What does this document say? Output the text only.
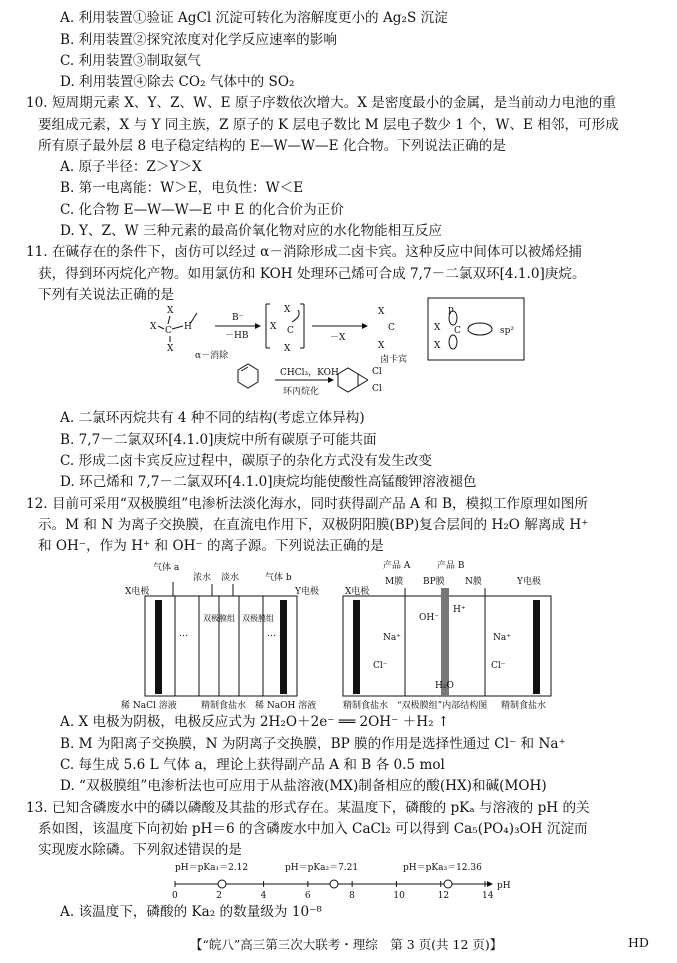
A. 利用装置①验证 AgCl 沉淀可转化为溶解度更小的 Ag₂S 沉淀
B. 利用装置②探究浓度对化学反应速率的影响
C. 利用装置③制取氨气
D. 利用装置④除去 CO₂ 气体中的 SO₂
10. 短周期元素 X、Y、Z、W、E 原子序数依次增大。X 是密度最小的金属，是当前动力电池的重
要组成元素，X 与 Y 同主族，Z 原子的 K 层电子数比 M 层电子数少 1 个，W、E 相邻，可形成
所有原子最外层 8 电子稳定结构的 E—W—W—E 化合物。下列说法正确的是
A. 原子半径：Z＞Y＞X
B. 第一电离能：W＞E，电负性：W＜E
C. 化合物 E—W—W—E 中 E 的化合价为正价
D. Y、Z、W 三种元素的最高价氧化物对应的水化物能相互反应
11. 在碱存在的条件下，卤仿可以经过 α－消除形成二卤卡宾。这种反应中间体可以被烯烃捕
获，得到环丙烷化产物。如用氯仿和 KOH 处理环己烯可合成 7,7－二氯双环[4.1.0]庚烷。
下列有关说法正确的是
X
X C
X
H
B⁻
－HB
α－消除
X
X C
X
－X
X
C
X
卤卡宾
p
X C
X
sp²
CHCl₃，KOH
环丙烷化
Cl
Cl
A. 二氯环丙烷共有 4 种不同的结构(考虑立体异构)
B. 7,7－二氯双环[4.1.0]庚烷中所有碳原子可能共面
C. 形成二卤卡宾反应过程中，碳原子的杂化方式没有发生改变
D. 环己烯和 7,7－二氯双环[4.1.0]庚烷均能使酸性高锰酸钾溶液褪色
12. 目前可采用“双极膜组”电渗析法淡化海水，同时获得副产品 A 和 B，模拟工作原理如图所
示。M 和 N 为离子交换膜，在直流电作用下，双极阴阳膜(BP)复合层间的 H₂O 解离成 H⁺
和 OH⁻，作为 H⁺ 和 OH⁻ 的离子源。下列说法正确的是
气体 a
浓水 淡水	气体 b
X电极	Y电极
…
双极膜组 双极膜组
…
稀 NaCl 溶液	精制食盐水 稀 NaOH 溶液
产品 A	产品 B
M膜 BP膜 N膜
X电极
Y电极
OH⁻
H⁺
Na⁺	Na⁺
Cl⁻	Cl⁻
H₂O
精制食盐水	精制食盐水
“双极膜组”内部结构图
A. X 电极为阴极，电极反应式为 2H₂O＋2e⁻ ══ 2OH⁻ ＋H₂ ↑
B. M 为阳离子交换膜，N 为阴离子交换膜，BP 膜的作用是选择性通过 Cl⁻ 和 Na⁺
C. 每生成 5.6 L 气体 a，理论上获得副产品 A 和 B 各 0.5 mol
D. “双极膜组”电渗析法也可应用于从盐溶液(MX)制备相应的酸(HX)和碱(MOH)
13. 已知含磷废水中的磷以磷酸及其盐的形式存在。某温度下，磷酸的 pKₐ 与溶液的 pH 的关
系如图，该温度下向初始 pH＝6 的含磷废水中加入 CaCl₂ 可以得到 Ca₅(PO₄)₃OH 沉淀而
实现废水除磷。下列叙述错误的是
pH＝pKa₁＝2.12	pH＝pKa₂＝7.21	pH＝pKa₃＝12.36
pH
0	2	4	6	8	10	12	14
A. 该温度下，磷酸的 Ka₂ 的数量级为 10⁻⁸
【“皖八”高三第三次大联考・理综　第 3 页(共 12 页)】	HD
